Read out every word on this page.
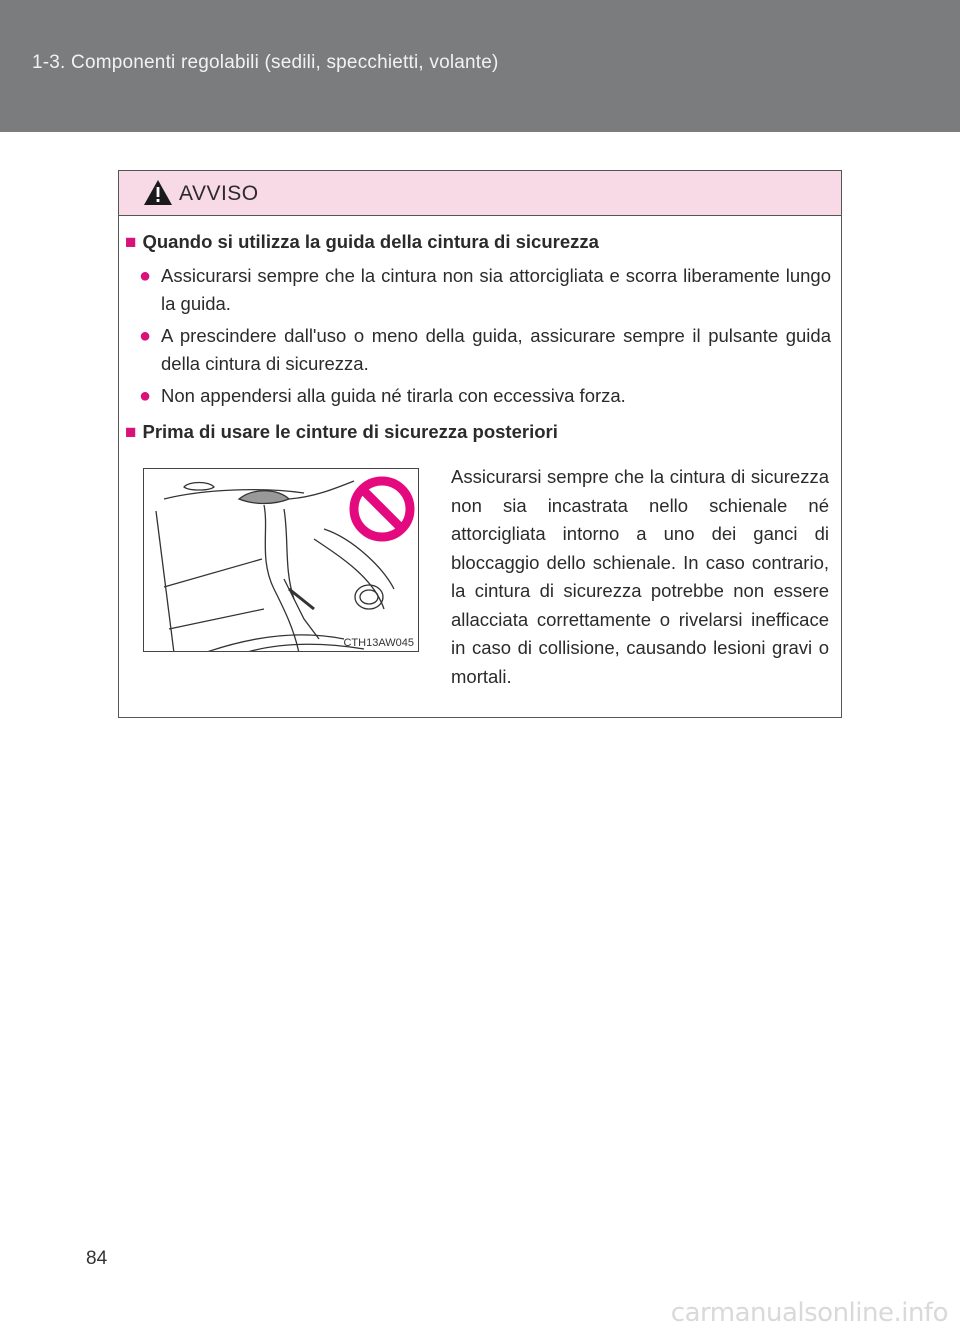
1-3. Componenti regolabili (sedili, specchietti, volante)
AVVISO
■ Quando si utilizza la guida della cintura di sicurezza
● Assicurarsi sempre che la cintura non sia attorcigliata e scorra liberamente lungo la guida.
● A prescindere dall'uso o meno della guida, assicurare sempre il pulsante guida della cintura di sicurezza.
● Non appendersi alla guida né tirarla con eccessiva forza.
■ Prima di usare le cinture di sicurezza posteriori
CTH13AW045
Assicurarsi sempre che la cintura di sicurezza non sia incastrata nello schienale né attorcigliata intorno a uno dei ganci di bloccaggio dello schienale. In caso contrario, la cintura di sicurezza potrebbe non essere allacciata correttamente o rivelarsi inefficace in caso di collisione, causando lesioni gravi o mortali.
84
carmanualsonline.info
